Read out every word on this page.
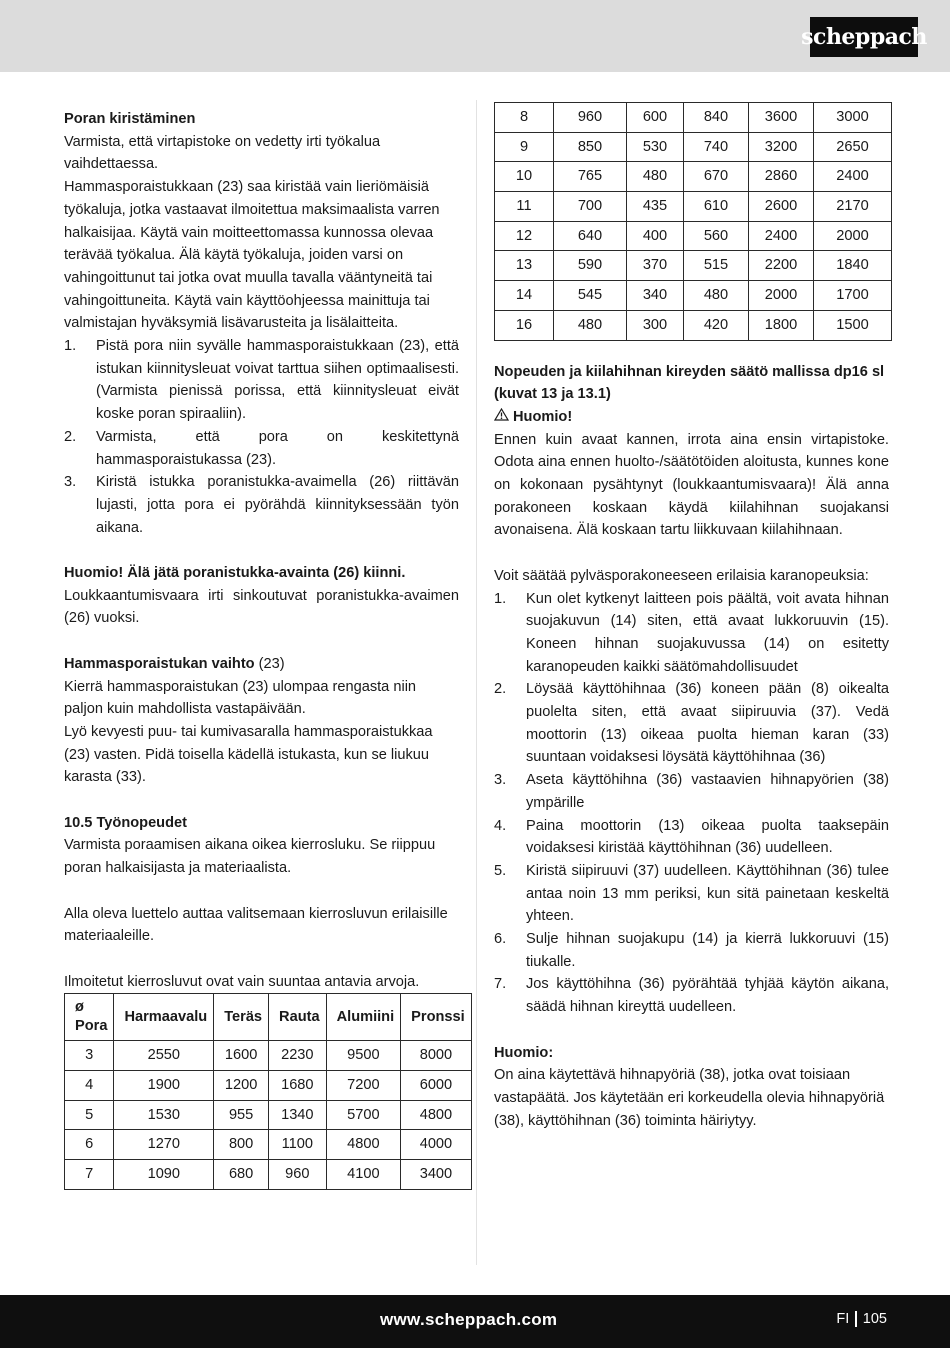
scheppach

Poran kiristäminen

Varmista, että virtapistoke on vedetty irti työkalua vaihdettaessa.

Hammasporaistukkaan (23) saa kiristää vain lieriömäisiä työkaluja, jotka vastaavat ilmoitettua maksimaalista varren halkaisijaa. Käytä vain moitteettomassa kunnossa olevaa terävää työkalua. Älä käytä työkaluja, joiden varsi on vahingoittunut tai jotka ovat muulla tavalla vääntyneitä tai vahingoittuneita. Käytä vain käyttöohjeessa mainittuja tai valmistajan hyväksymiä lisävarusteita ja lisälaitteita.

1.	Pistä pora niin syvälle hammasporaistukkaan (23), että istukan kiinnitysleuat voivat tarttua siihen optimaalisesti. (Varmista pienissä porissa, että kiinnitysleuat eivät koske poran spiraaliin).
2.	Varmista, että pora on keskitettynä hammasporaistukassa (23).
3.	Kiristä istukka poranistukka-avaimella (26) riittävän lujasti, jotta pora ei pyörähdä kiinnityksessään työn aikana.

Huomio! Älä jätä poranistukka-avainta (26) kiinni.

Loukkaantumisvaara irti sinkoutuvat poranistukka-avaimen (26) vuoksi.

Hammasporaistukan vaihto (23)

Kierrä hammasporaistukan (23) ulompaa rengasta niin paljon kuin mahdollista vastapäivään.

Lyö kevyesti puu- tai kumivasaralla hammasporaistukkaa (23) vasten. Pidä toisella kädellä istukasta, kun se liukuu karasta (33).

10.5 Työnopeudet

Varmista poraamisen aikana oikea kierrosluku. Se riippuu poran halkaisijasta ja materiaalista.

Alla oleva luettelo auttaa valitsemaan kierrosluvun erilaisille materiaaleille.

Ilmoitetut kierrosluvut ovat vain suuntaa antavia arvoja.

ø Pora	Harmaavalu	Teräs	Rauta	Alumiini	Pronssi
3	2550	1600	2230	9500	8000
4	1900	1200	1680	7200	6000
5	1530	955	1340	5700	4800
6	1270	800	1100	4800	4000
7	1090	680	960	4100	3400
8	960	600	840	3600	3000
9	850	530	740	3200	2650
10	765	480	670	2860	2400
11	700	435	610	2600	2170
12	640	400	560	2400	2000
13	590	370	515	2200	1840
14	545	340	480	2000	1700
16	480	300	420	1800	1500

Nopeuden ja kiilahihnan kireyden säätö mallissa dp16 sl (kuvat 13 ja 13.1)

Huomio!

Ennen kuin avaat kannen, irrota aina ensin virtapistoke. Odota aina ennen huolto-/säätötöiden aloitusta, kunnes kone on kokonaan pysähtynyt (loukkaantumisvaara)! Älä anna porakoneen koskaan käydä kiilahihnan suojakansi avonaisena. Älä koskaan tartu liikkuvaan kiilahihnaan.

Voit säätää pylväsporakoneeseen erilaisia karanopeuksia:

1.	Kun olet kytkenyt laitteen pois päältä, voit avata hihnan suojakuvun (14) siten, että avaat lukkoruuvin (15). Koneen hihnan suojakuvussa (14) on esitetty karanopeuden kaikki säätömahdollisuudet
2.	Löysää käyttöhihnaa (36) koneen pään (8) oikealta puolelta siten, että avaat siipiruuvia (37). Vedä moottorin (13) oikeaa puolta hieman karan (33) suuntaan voidaksesi löysätä käyttöhihnaa (36)
3.	Aseta käyttöhihna (36) vastaavien hihnapyörien (38) ympärille
4.	Paina moottorin (13) oikeaa puolta taaksepäin voidaksesi kiristää käyttöhihnan (36) uudelleen.
5.	Kiristä siipiruuvi (37) uudelleen. Käyttöhihnan (36) tulee antaa noin 13 mm periksi, kun sitä painetaan keskeltä yhteen.
6.	Sulje hihnan suojakupu (14) ja kierrä lukkoruuvi (15) tiukalle.
7.	Jos käyttöhihna (36) pyörähtää tyhjää käytön aikana, säädä hihnan kireyttä uudelleen.

Huomio:

On aina käytettävä hihnapyöriä (38), jotka ovat toisiaan vastapäätä. Jos käytetään eri korkeudella olevia hihnapyöriä (38), käyttöhihnan (36) toiminta häiriytyy.

www.scheppach.com	FI 105
